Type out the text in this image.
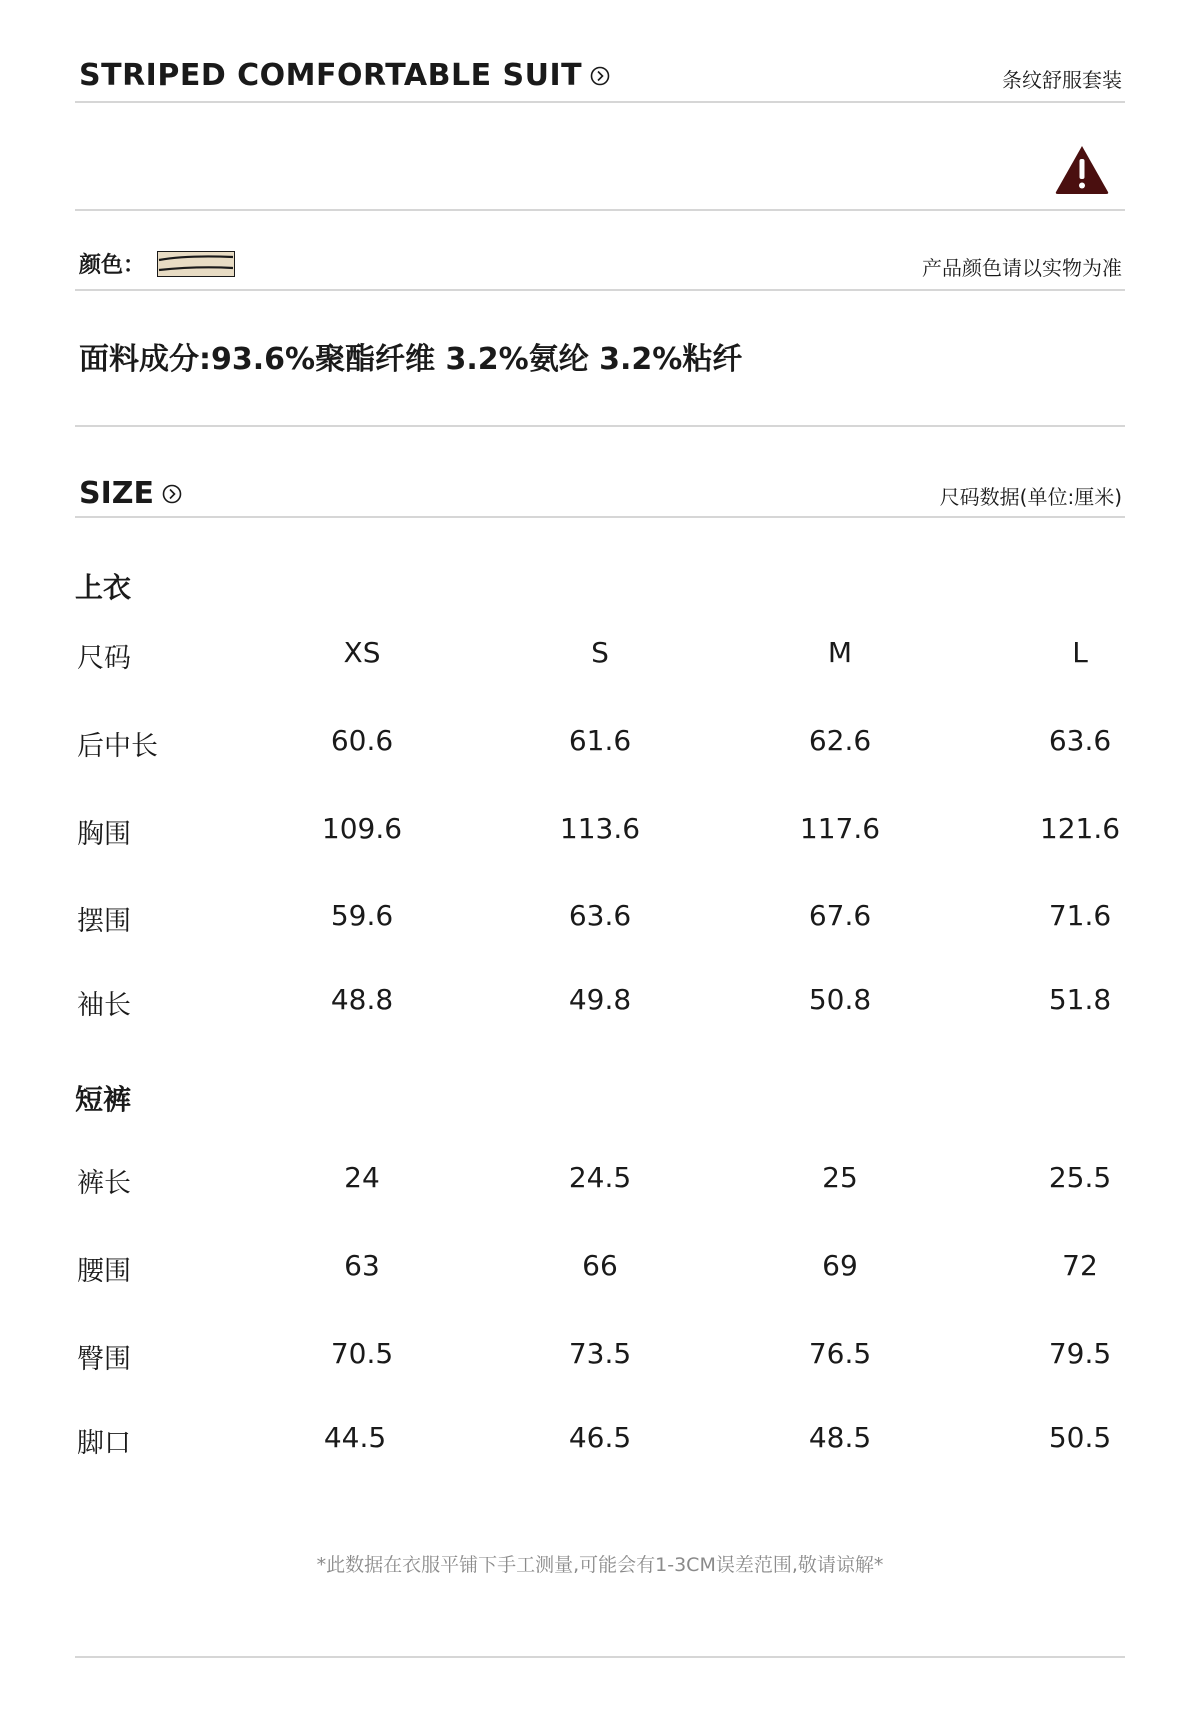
STRIPED COMFORTABLE SUIT	条纹舒服套装
颜色：	产品颜色请以实物为准
面料成分:93.6%聚酯纤维 3.2%氨纶 3.2%粘纤
SIZE	尺码数据(单位:厘米)
上衣
尺码	XS	S	M	L
后中长	60.6	61.6	62.6	63.6
胸围	109.6	113.6	117.6	121.6
摆围	59.6	63.6	67.6	71.6
袖长	48.8	49.8	50.8	51.8
短裤
裤长	24	24.5	25	25.5
腰围	63	66	69	72
臀围	70.5	73.5	76.5	79.5
脚口	44.5	46.5	48.5	50.5
*此数据在衣服平铺下手工测量,可能会有1-3CM误差范围,敬请谅解*
